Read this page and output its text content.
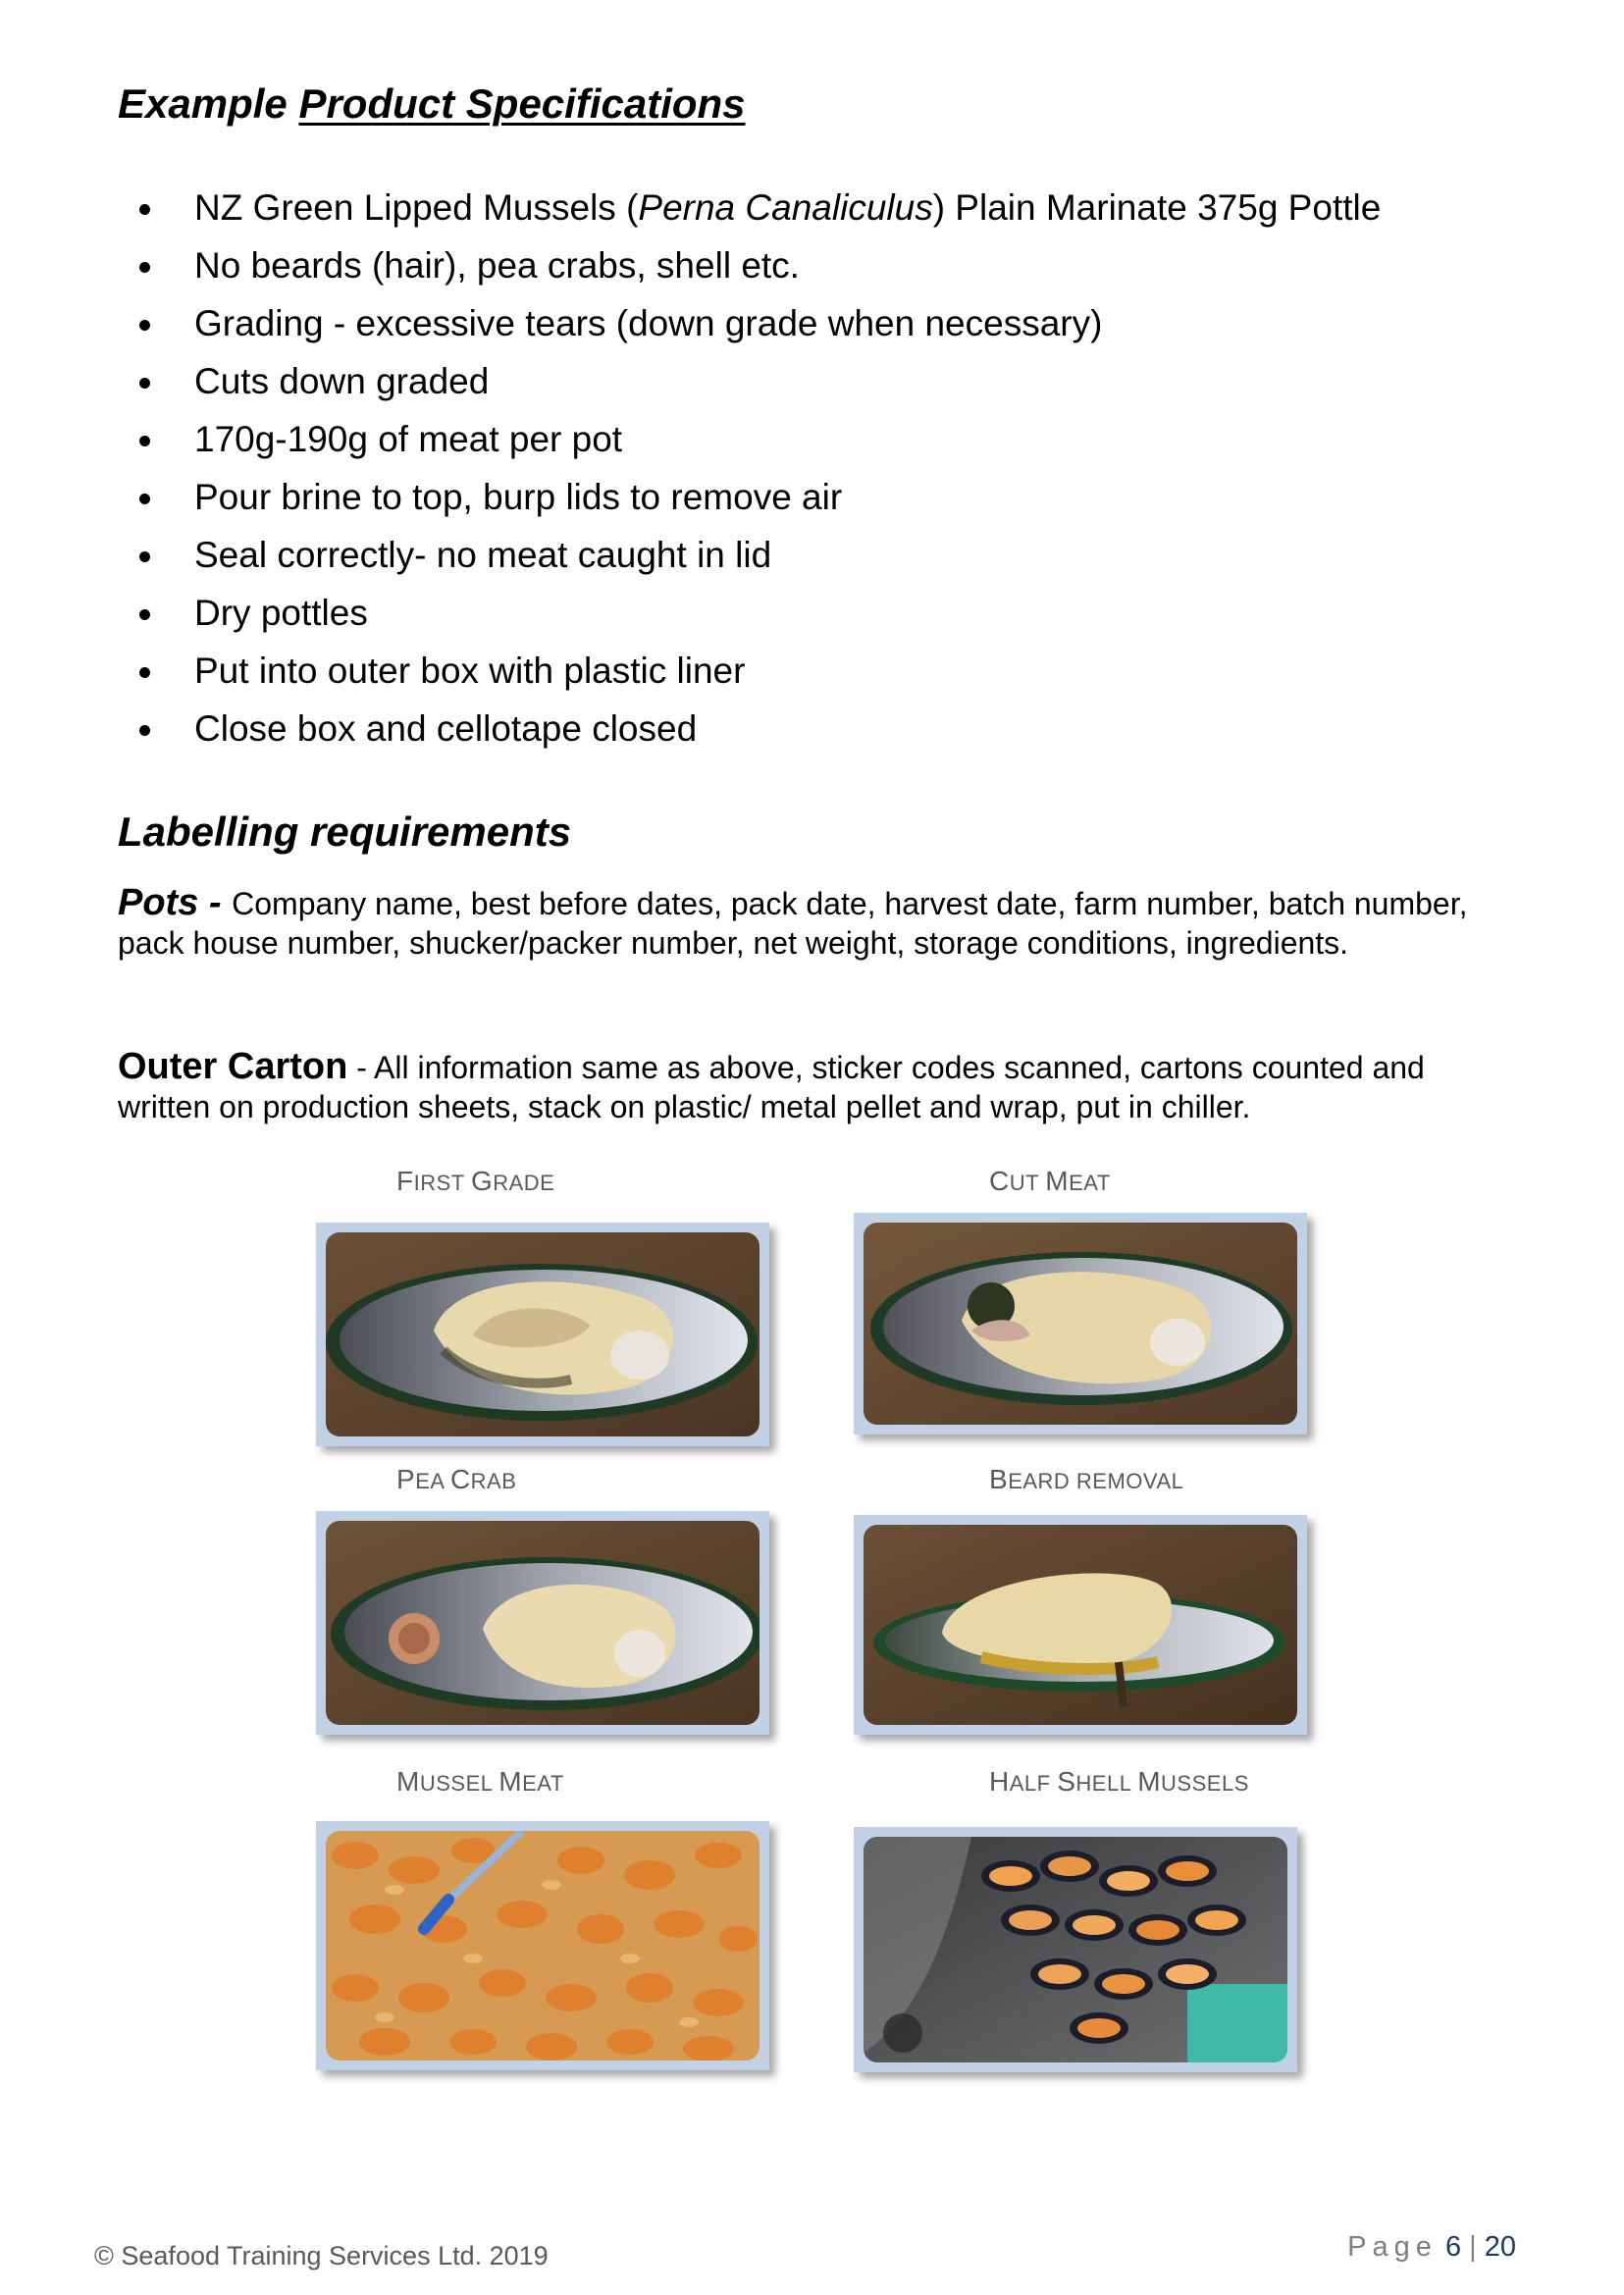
Example Product Specifications
NZ Green Lipped Mussels (Perna Canaliculus) Plain Marinate 375g Pottle
No beards (hair), pea crabs, shell etc.
Grading - excessive tears (down grade when necessary)
Cuts down graded
170g-190g of meat per pot
Pour brine to top, burp lids to remove air
Seal correctly- no meat caught in lid
Dry pottles
Put into outer box with plastic liner
Close box and cellotape closed
Labelling requirements

Pots - Company name, best before dates, pack date, harvest date, farm number, batch number, pack house number, shucker/packer number, net weight, storage conditions, ingredients.

Outer Carton - All information same as above, sticker codes scanned, cartons counted and written on production sheets, stack on plastic/ metal pellet and wrap, put in chiller.

FIRST GRADE	CUT MEAT
PEA CRAB	BEARD REMOVAL
MUSSEL MEAT	HALF SHELL MUSSELS
© Seafood Training Services Ltd. 2019	Page 6 | 20
